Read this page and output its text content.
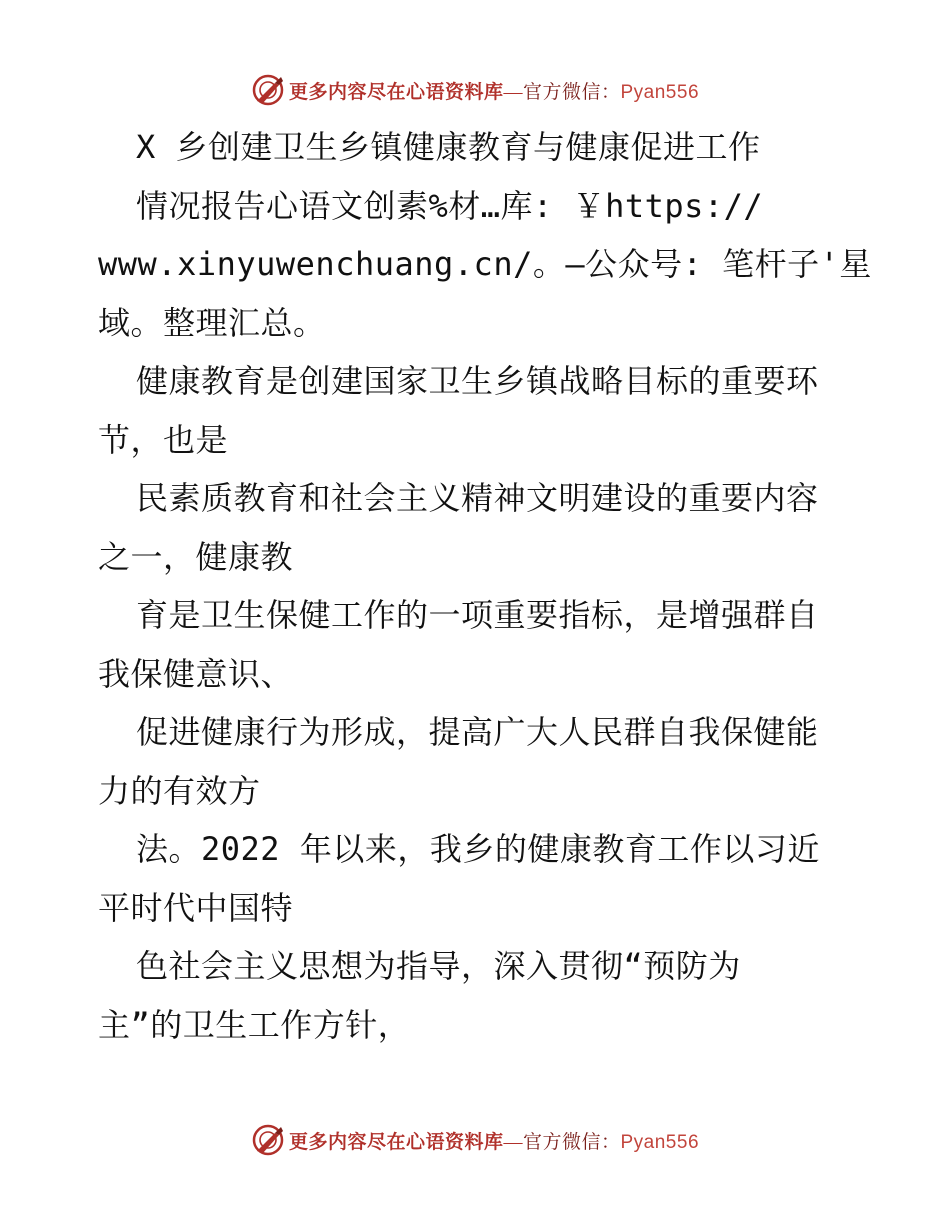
更多内容尽在心语资料库—官方微信：Pyan556
X 乡创建卫生乡镇健康教育与健康促进工作
情况报告心语文创素%材…库: ￥https://
www.xinyuwenchuang.cn/。—公众号: 笔杆子'星
域。整理汇总。
健康教育是创建国家卫生乡镇战略目标的重要环
节，也是
民素质教育和社会主义精神文明建设的重要内容
之一，健康教
育是卫生保健工作的一项重要指标，是增强群自
我保健意识、
促进健康行为形成，提高广大人民群自我保健能
力的有效方
法。2022 年以来，我乡的健康教育工作以习近
平时代中国特
色社会主义思想为指导，深入贯彻“预防为
主”的卫生工作方针，
更多内容尽在心语资料库—官方微信：Pyan556
